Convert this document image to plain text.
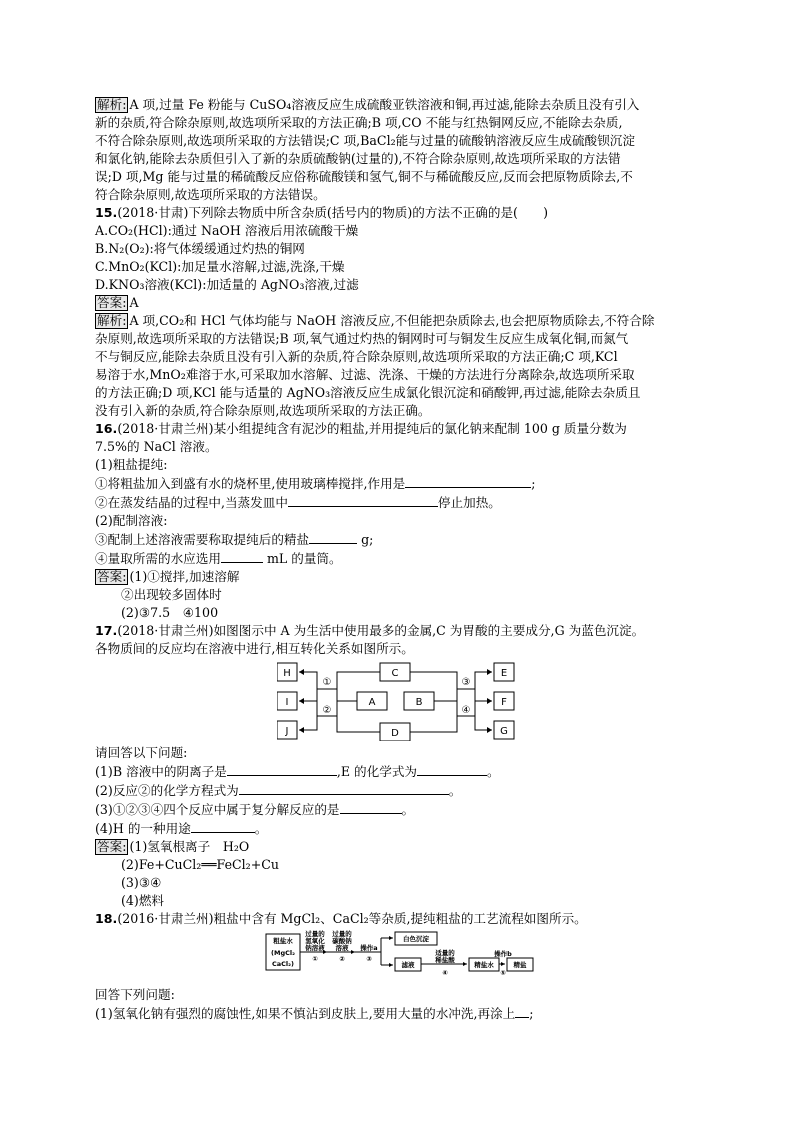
解析: A 项,过量 Fe 粉能与 CuSO₄溶液反应生成硫酸亚铁溶液和铜,再过滤,能除去杂质且没有引入

新的杂质,符合除杂原则,故选项所采取的方法正确;B 项,CO 不能与红热铜网反应,不能除去杂质,

不符合除杂原则,故选项所采取的方法错误;C 项,BaCl₂能与过量的硫酸钠溶液反应生成硫酸钡沉淀

和氯化钠,能除去杂质但引入了新的杂质硫酸钠(过量的),不符合除杂原则,故选项所采取的方法错

误;D 项,Mg 能与过量的稀硫酸反应俗称硫酸镁和氢气,铜不与稀硫酸反应,反而会把原物质除去,不

符合除杂原则,故选项所采取的方法错误。

15.(2018·甘肃)下列除去物质中所含杂质(括号内的物质)的方法不正确的是(　　)

A.CO₂(HCl):通过 NaOH 溶液后用浓硫酸干燥

B.N₂(O₂):将气体缓缓通过灼热的铜网

C.MnO₂(KCl):加足量水溶解,过滤,洗涤,干燥

D.KNO₃溶液(KCl):加适量的 AgNO₃溶液,过滤

答案: A

解析: A 项,CO₂和 HCl 气体均能与 NaOH 溶液反应,不但能把杂质除去,也会把原物质除去,不符合除

杂原则,故选项所采取的方法错误;B 项,氧气通过灼热的铜网时可与铜发生反应生成氧化铜,而氮气

不与铜反应,能除去杂质且没有引入新的杂质,符合除杂原则,故选项所采取的方法正确;C 项,KCl

易溶于水,MnO₂难溶于水,可采取加水溶解、过滤、洗涤、干燥的方法进行分离除杂,故选项所采取

的方法正确;D 项,KCl 能与适量的 AgNO₃溶液反应生成氯化银沉淀和硝酸钾,再过滤,能除去杂质且

没有引入新的杂质,符合除杂原则,故选项所采取的方法正确。

16.(2018·甘肃兰州)某小组提纯含有泥沙的粗盐,并用提纯后的氯化钠来配制 100 g 质量分数为

7.5%的 NaCl 溶液。

(1)粗盐提纯:

①将粗盐加入到盛有水的烧杯里,使用玻璃棒搅拌,作用是	;

②在蒸发结晶的过程中,当蒸发皿中	停止加热。

(2)配制溶液:

③配制上述溶液需要称取提纯后的精盐	g;

④量取所需的水应选用	mL 的量筒。

答案: (1)①搅拌,加速溶解

②出现较多固体时

(2)③7.5　④100

17.(2018·甘肃兰州)如图图示中 A 为生活中使用最多的金属,C 为胃酸的主要成分,G 为蓝色沉淀。

各物质间的反应均在溶液中进行,相互转化关系如图所示。

H
I
J
A
C
D
B
E
F
G
①
②
③
④

请回答以下问题:

(1)B 溶液中的阴离子是	,E 的化学式为	。

(2)反应②的化学方程式为	。

(3)①②③④四个反应中属于复分解反应的是	。

(4)H 的一种用途	。

答案: (1)氢氧根离子　H₂O

(2)Fe+CuCl₂══FeCl₂+Cu

(3)③④

(4)燃料

18.(2016·甘肃兰州)粗盐中含有 MgCl₂、CaCl₂等杂质,提纯粗盐的工艺流程如图所示。

粗盐水
(MgCl₂
CaCl₂)
过量的
氢氧化
钠溶液
①
过量的
碳酸钠
溶液
②
操作a
③
白色沉淀
滤液
适量的
稀盐酸
④
精盐水
操作b
⑤
精盐

回答下列问题:

(1)氢氧化钠有强烈的腐蚀性,如果不慎沾到皮肤上,要用大量的水冲洗,再涂上 ;
